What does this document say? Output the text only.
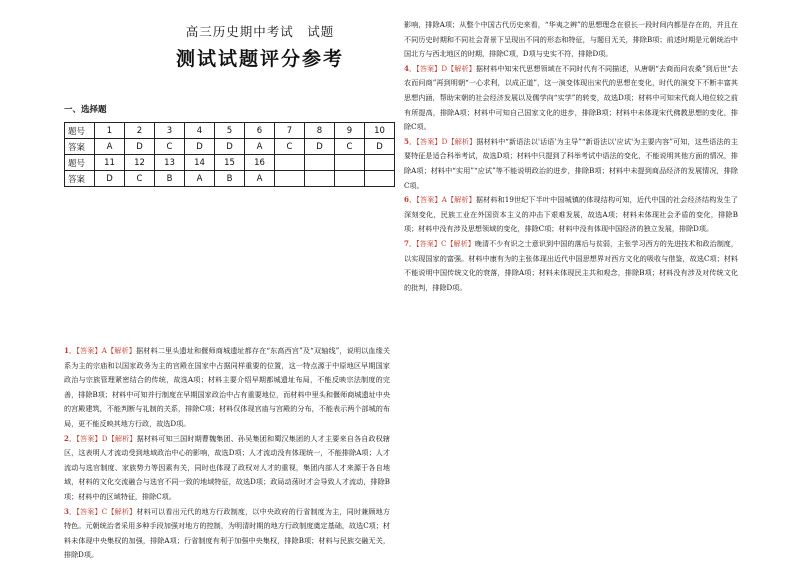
高三历史期中考试　试题
测试试题评分参考
一、选择题
题号	1	2	3	4	5	6	7	8	9	10
答案	A	D	C	D	D	A	C	D	C	D
题号	11	12	13	14	15	16				
答案	D	C	B	A	B	A				

1．【答案】A【解析】据材料二里头遗址和偃师商城遗址都存在“东高西宫”及“双轴线”，说明以血缘关系为主的宗庙和以国家政务为主的宫殿在国家中占据同样重要的位置，这一特点源于中原地区早期国家政治与宗族管理紧密结合的传统，故选A项；材料主要介绍早期都城遗址布局，不能反映宗法制度的完善，排除B项；材料中可知并行制度在早期国家政治中占有重要地位，而材料中里头和偃师商城遗址中央的宫殿建筑，不能判断与礼制的关系，排除C项；材料仅体现宫庙与宫殿的分布，不能表示两个部城的布局，更不能反映其地方行政，故选D项。

2．【答案】D【解析】据材料可知三国时期曹魏集团、孙吴集团和蜀汉集团的人才主要来自各自政权辖区，这表明人才流动受到地域政治中心的影响，故选D项；人才流动没有体现统一，不能排除A项；人才流动与选官制度、家族势力等因素有关，同时也体现了政权对人才的重视，集团内部人才来源于各自地域，材料的文化交流融合与选官不同一致的地域特征，故选D项；政局动荡时才会导致人才流动，排除B项；材料中的区域特征，排除C项。

3．【答案】C【解析】材料可以看出元代的地方行政制度，以中央政府的行省制度为主，同时兼顾地方特色。元朝统治者采用多种手段加强对地方的控制，为明清时期的地方行政制度奠定基础，故选C项；材料未体现中央集权的加强，排除A项；行省制度有利于加强中央集权，排除B项；材料与民族交融无关，排除D项。

影响，排除A项；从整个中国古代历史来看，“华夷之辨”的思想理念在很长一段时间内都是存在的，并且在不同历史时期和不同社会背景下呈现出不同的形态和特征，与题目无关，排除B项；前述时期是元朝统治中国北方与西北地区的时期，排除C项，D项与史实不符，排除D项。

4．【答案】D【解析】据材料中知宋代思想领域在不同时代有不同描述，从唐朝“去商而问农桑”到后世“去农而问商”再到明朝“一心求利，以成正道”，这一演变体现出宋代的思想在变化，时代的演变下不断丰富其思想内涵，帮助宋朝的社会经济发展以及儒学向“实学”的转变，故选D项；材料中可知宋代商人地位较之前有所提高，排除A项；材料中可知自己国家文化的进步，排除B项；材料中未体现宋代佛教思想的变化，排除C项。

5．【答案】D【解析】据材料中“新语法以'话语'为主导”“新语法以'应试'为主要内容”可知，这些语法的主要特征是适合科举考试，故选D项；材料中只提到了科举考试中语法的变化，不能说明其他方面的情况，排除A项；材料中“实用”“应试”等不能说明政治的进步，排除B项；材料中未提到商品经济的发展情况，排除C项。

6．【答案】A【解析】据材料和19世纪下半叶中国城镇的体现结构可知，近代中国的社会经济结构发生了深刻变化，民族工业在外国资本主义的冲击下艰难发展，故选A项；材料未体现社会矛盾的变化，排除B项；材料中没有涉及思想领域的变化，排除C项；材料中没有体现中国经济的独立发展，排除D项。

7．【答案】C【解析】晚清不少有识之士意识到中国的落后与贫弱，主张学习西方的先进技术和政治制度，以实现国家的富强。材料中康有为的主张体现出近代中国思想界对西方文化的吸收与借鉴，故选C项；材料不能说明中国传统文化的衰落，排除A项；材料未体现民主共和观念，排除B项；材料没有涉及对传统文化的批判，排除D项。
